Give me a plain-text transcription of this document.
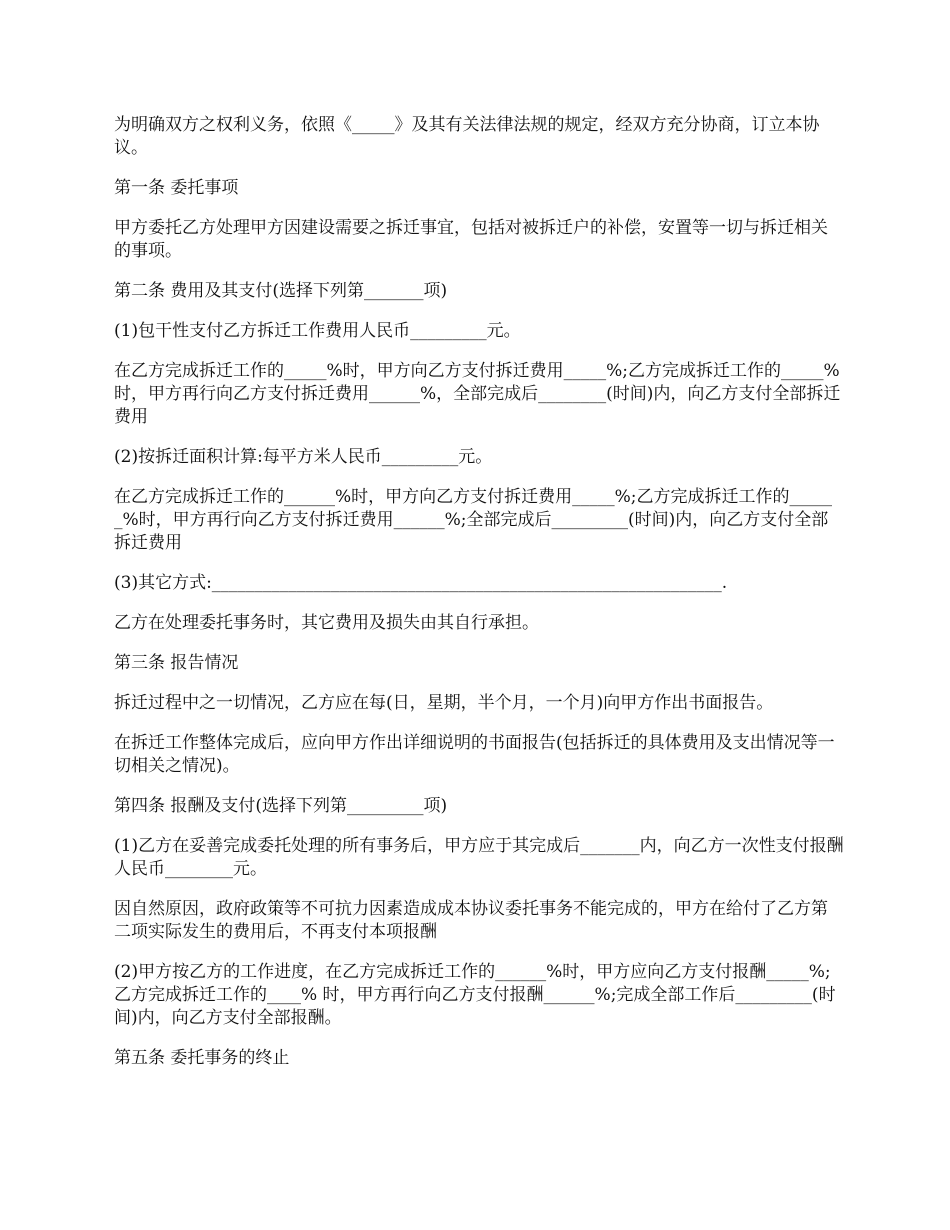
为明确双方之权利义务，依照《_____》及其有关法律法规的规定，经双方充分协商，订立本协议。

第一条 委托事项

甲方委托乙方处理甲方因建设需要之拆迁事宜，包括对被拆迁户的补偿，安置等一切与拆迁相关的事项。

第二条 费用及其支付(选择下列第_______项)

(1)包干性支付乙方拆迁工作费用人民币_________元。

在乙方完成拆迁工作的_____%时，甲方向乙方支付拆迁费用_____%;乙方完成拆迁工作的_____%时，甲方再行向乙方支付拆迁费用______%，全部完成后________(时间)内，向乙方支付全部拆迁费用

(2)按拆迁面积计算:每平方米人民币_________元。

在乙方完成拆迁工作的______%时，甲方向乙方支付拆迁费用_____%;乙方完成拆迁工作的______%时，甲方再行向乙方支付拆迁费用______%;全部完成后_________(时间)内，向乙方支付全部拆迁费用

(3)其它方式:____________________________________________________________.

乙方在处理委托事务时，其它费用及损失由其自行承担。

第三条 报告情况

拆迁过程中之一切情况，乙方应在每(日，星期，半个月，一个月)向甲方作出书面报告。

在拆迁工作整体完成后，应向甲方作出详细说明的书面报告(包括拆迁的具体费用及支出情况等一切相关之情况)。

第四条 报酬及支付(选择下列第_________项)

(1)乙方在妥善完成委托处理的所有事务后，甲方应于其完成后_______内，向乙方一次性支付报酬人民币________元。

因自然原因，政府政策等不可抗力因素造成成本协议委托事务不能完成的，甲方在给付了乙方第二项实际发生的费用后，不再支付本项报酬

(2)甲方按乙方的工作进度，在乙方完成拆迁工作的______%时，甲方应向乙方支付报酬_____%;乙方完成拆迁工作的____% 时，甲方再行向乙方支付报酬______%;完成全部工作后_________(时间)内，向乙方支付全部报酬。

第五条 委托事务的终止
